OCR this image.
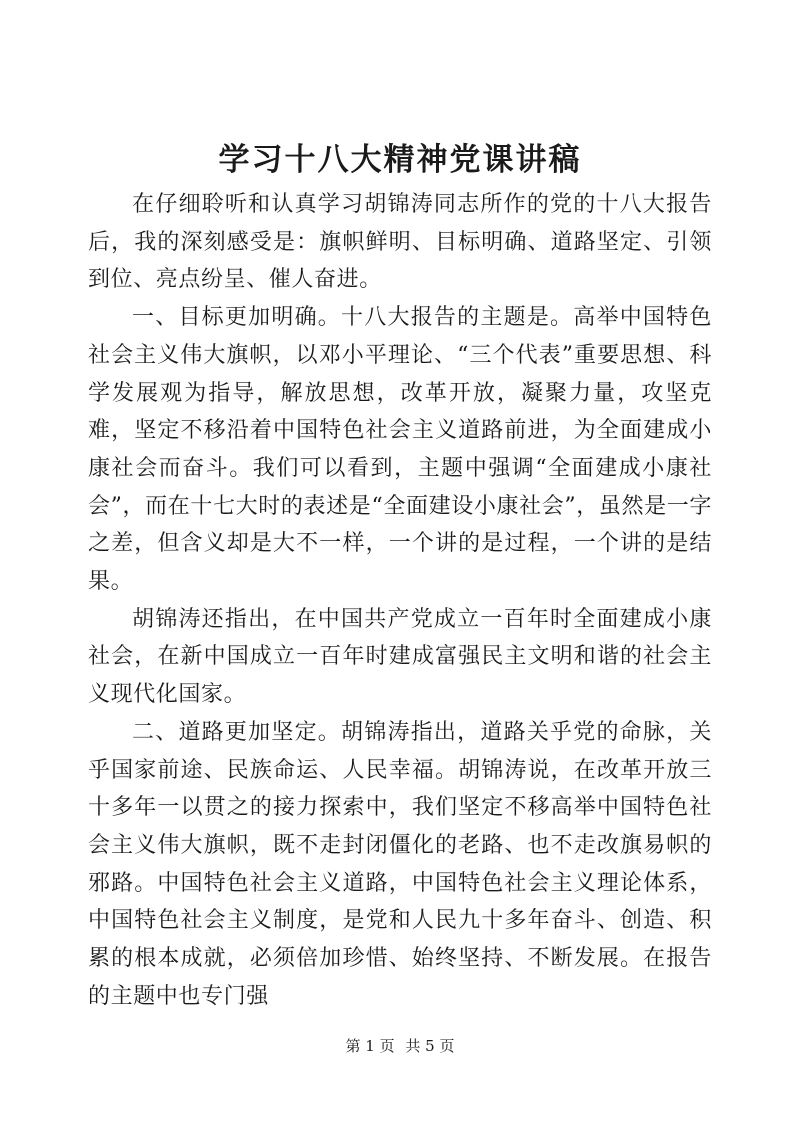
学习十八大精神党课讲稿

在仔细聆听和认真学习胡锦涛同志所作的党的十八大报告后，我的深刻感受是：旗帜鲜明、目标明确、道路坚定、引领到位、亮点纷呈、催人奋进。

一、目标更加明确。十八大报告的主题是。高举中国特色社会主义伟大旗帜，以邓小平理论、“三个代表”重要思想、科学发展观为指导，解放思想，改革开放，凝聚力量，攻坚克难，坚定不移沿着中国特色社会主义道路前进，为全面建成小康社会而奋斗。我们可以看到，主题中强调“全面建成小康社会”，而在十七大时的表述是“全面建设小康社会”，虽然是一字之差，但含义却是大不一样，一个讲的是过程，一个讲的是结果。

胡锦涛还指出，在中国共产党成立一百年时全面建成小康社会，在新中国成立一百年时建成富强民主文明和谐的社会主义现代化国家。

二、道路更加坚定。胡锦涛指出，道路关乎党的命脉，关乎国家前途、民族命运、人民幸福。胡锦涛说，在改革开放三十多年一以贯之的接力探索中，我们坚定不移高举中国特色社会主义伟大旗帜，既不走封闭僵化的老路、也不走改旗易帜的邪路。中国特色社会主义道路，中国特色社会主义理论体系，中国特色社会主义制度，是党和人民九十多年奋斗、创造、积累的根本成就，必须倍加珍惜、始终坚持、不断发展。在报告的主题中也专门强

第 1 页 共 5 页
